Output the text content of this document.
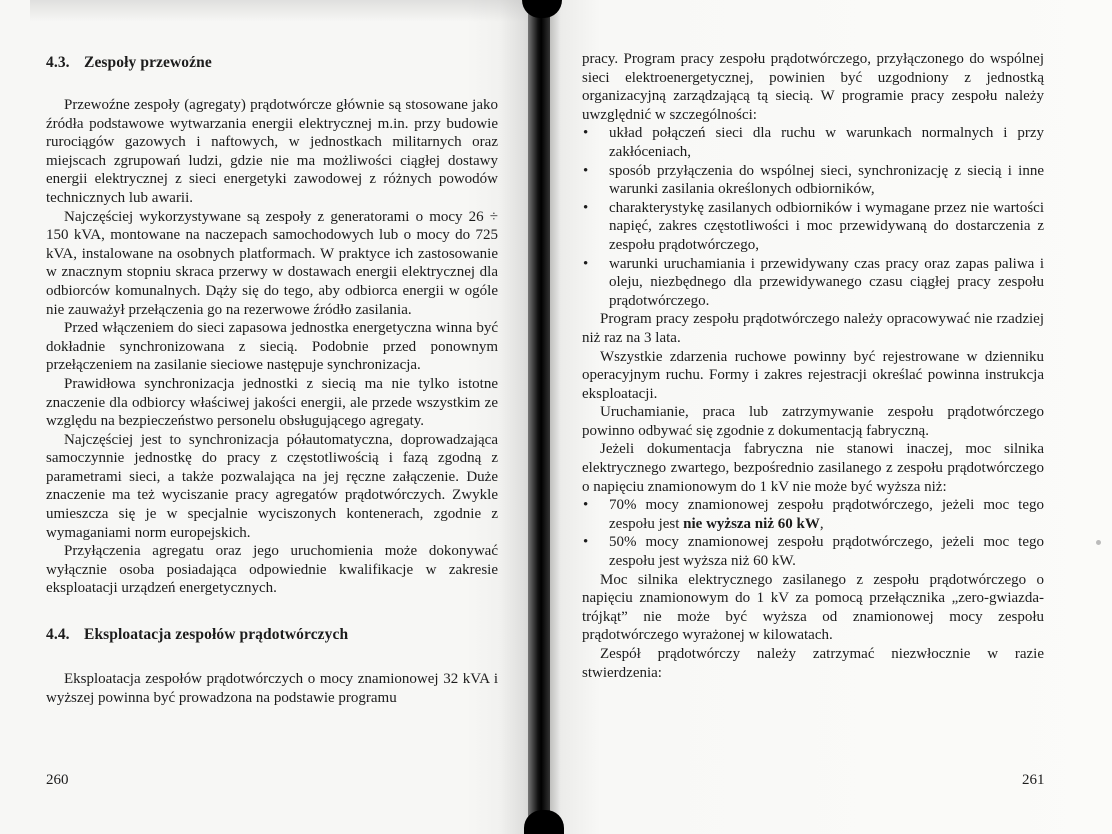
4.3. Zespoły przewoźne

Przewoźne zespoły (agregaty) prądotwórcze głównie są stosowane jako źródła podstawowe wytwarzania energii elektrycznej m.in. przy budowie rurociągów gazowych i naftowych, w jednostkach militarnych oraz miejscach zgrupowań ludzi, gdzie nie ma możliwości ciągłej dostawy energii elektrycznej z sieci energetyki zawodowej z różnych powodów technicznych lub awarii.

Najczęściej wykorzystywane są zespoły z generatorami o mocy 26 ÷ 150 kVA, montowane na naczepach samochodowych lub o mocy do 725 kVA, instalowane na osobnych platformach. W praktyce ich zastosowanie w znacznym stopniu skraca przerwy w dostawach energii elektrycznej dla odbiorców komunalnych. Dąży się do tego, aby odbiorca energii w ogóle nie zauważył przełączenia go na rezerwowe źródło zasilania.

Przed włączeniem do sieci zapasowa jednostka energetyczna winna być dokładnie synchronizowana z siecią. Podobnie przed ponownym przełączeniem na zasilanie sieciowe następuje synchronizacja.

Prawidłowa synchronizacja jednostki z siecią ma nie tylko istotne znaczenie dla odbiorcy właściwej jakości energii, ale przede wszystkim ze względu na bezpieczeństwo personelu obsługującego agregaty.

Najczęściej jest to synchronizacja półautomatyczna, doprowadzająca samoczynnie jednostkę do pracy z częstotliwością i fazą zgodną z parametrami sieci, a także pozwalająca na jej ręczne załączenie. Duże znaczenie ma też wyciszanie pracy agregatów prądotwórczych. Zwykle umieszcza się je w specjalnie wyciszonych kontenerach, zgodnie z wymaganiami norm europejskich.

Przyłączenia agregatu oraz jego uruchomienia może dokonywać wyłącznie osoba posiadająca odpowiednie kwalifikacje w zakresie eksploatacji urządzeń energetycznych.

4.4. Eksploatacja zespołów prądotwórczych

Eksploatacja zespołów prądotwórczych o mocy znamionowej 32 kVA i wyższej powinna być prowadzona na podstawie programu

260

pracy. Program pracy zespołu prądotwórczego, przyłączonego do wspólnej sieci elektroenergetycznej, powinien być uzgodniony z jednostką organizacyjną zarządzającą tą siecią. W programie pracy zespołu należy uwzględnić w szczególności:

• układ połączeń sieci dla ruchu w warunkach normalnych i przy zakłóceniach,
• sposób przyłączenia do wspólnej sieci, synchronizację z siecią i inne warunki zasilania określonych odbiorników,
• charakterystykę zasilanych odbiorników i wymagane przez nie wartości napięć, zakres częstotliwości i moc przewidywaną do dostarczenia z zespołu prądotwórczego,
• warunki uruchamiania i przewidywany czas pracy oraz zapas paliwa i oleju, niezbędnego dla przewidywanego czasu ciągłej pracy zespołu prądotwórczego.

Program pracy zespołu prądotwórczego należy opracowywać nie rzadziej niż raz na 3 lata.

Wszystkie zdarzenia ruchowe powinny być rejestrowane w dzienniku operacyjnym ruchu. Formy i zakres rejestracji określać powinna instrukcja eksploatacji.

Uruchamianie, praca lub zatrzymywanie zespołu prądotwórczego powinno odbywać się zgodnie z dokumentacją fabryczną.

Jeżeli dokumentacja fabryczna nie stanowi inaczej, moc silnika elektrycznego zwartego, bezpośrednio zasilanego z zespołu prądotwórczego o napięciu znamionowym do 1 kV nie może być wyższa niż:

• 70% mocy znamionowej zespołu prądotwórczego, jeżeli moc tego zespołu jest nie wyższa niż 60 kW,
• 50% mocy znamionowej zespołu prądotwórczego, jeżeli moc tego zespołu jest wyższa niż 60 kW.

Moc silnika elektrycznego zasilanego z zespołu prądotwórczego o napięciu znamionowym do 1 kV za pomocą przełącznika „zero-gwiazda-trójkąt” nie może być wyższa od znamionowej mocy zespołu prądotwórczego wyrażonej w kilowatach.

Zespół prądotwórczy należy zatrzymać niezwłocznie w razie stwierdzenia:

261
